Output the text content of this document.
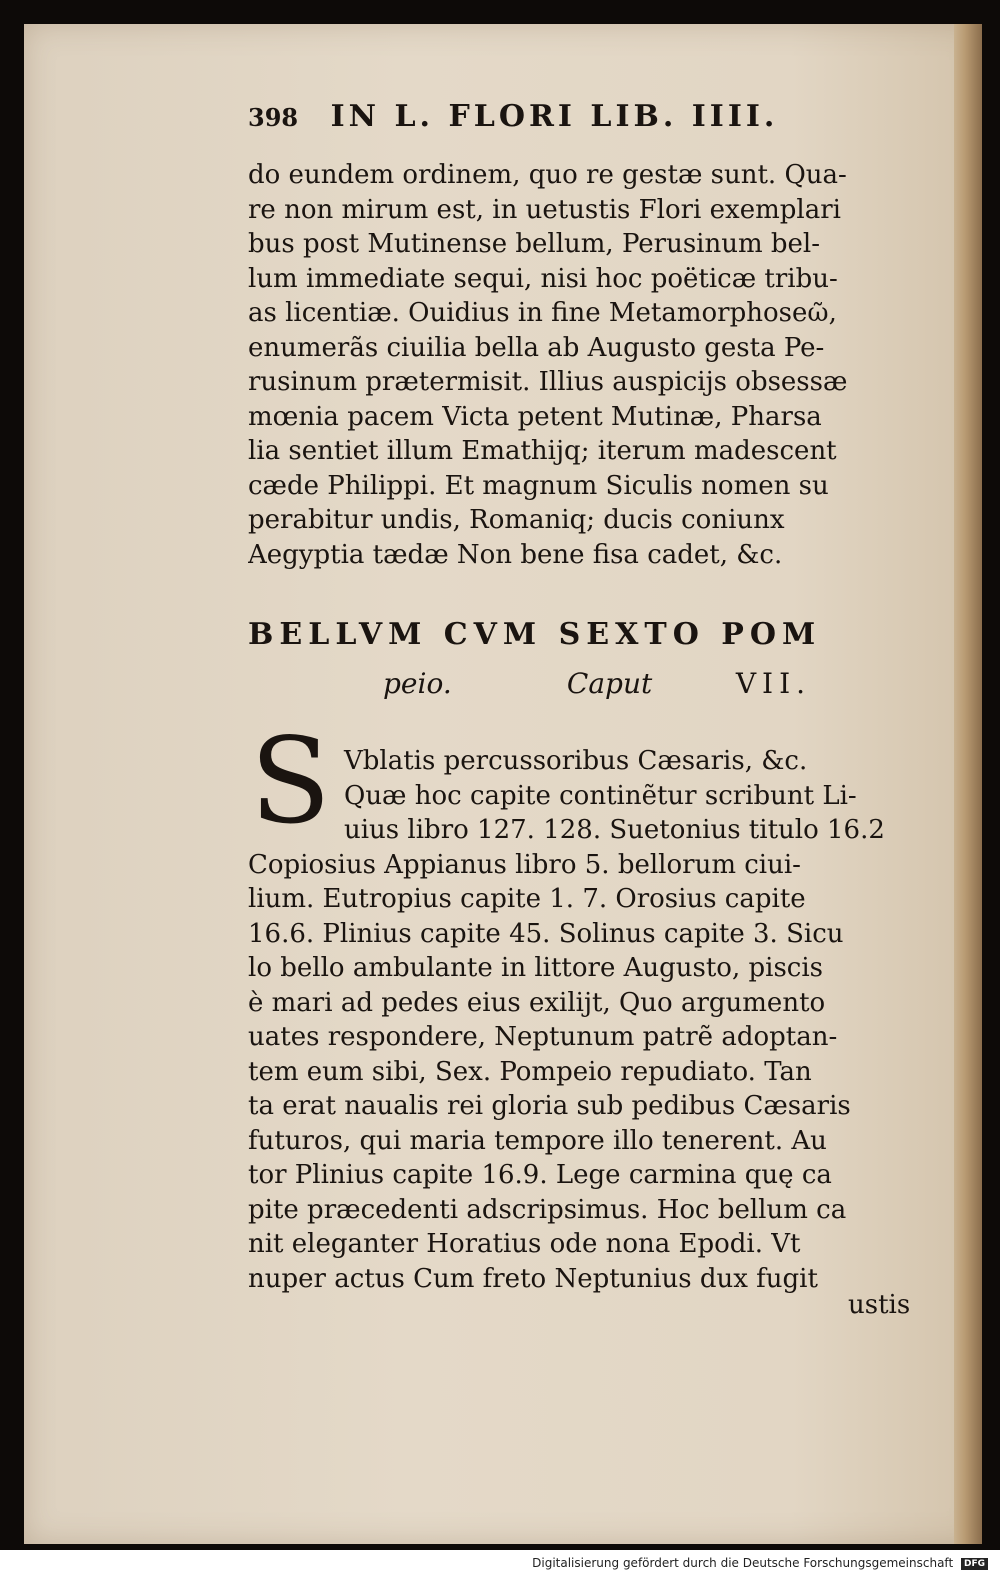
398 IN L. FLORI LIB. IIII.
do eundem ordinem, quo re gestæ sunt. Qua-
re non mirum est, in uetustis Flori exemplari
bus post Mutinense bellum, Perusinum bel-
lum immediate sequi, nisi hoc poëticæ tribu-
as licentiæ. Ouidius in fine Metamorphoseῶ,
enumerãs ciuilia bella ab Augusto gesta Pe-
rusinum prætermisit. Illius auspicijs obsessæ
mœnia pacem Victa petent Mutinæ, Pharsa
lia sentiet illum Emathijq; iterum madescent
cæde Philippi. Et magnum Siculis nomen su
perabitur undis, Romaniq; ducis coniunx
Aegyptia tædæ Non bene fisa cadet, &c.
BELLVM CVM SEXTO POM
peio.	Caput	VII.
S Vblatis percussoribus Cæsaris, &c.
Quæ hoc capite continẽtur scribunt Li-
uius libro 127. 128. Suetonius titulo 16.2
Copiosius Appianus libro 5. bellorum ciui-
lium. Eutropius capite 1. 7. Orosius capite
16.6. Plinius capite 45. Solinus capite 3. Sicu
lo bello ambulante in littore Augusto, piscis
è mari ad pedes eius exilijt, Quo argumento
uates respondere, Neptunum patrẽ adoptan-
tem eum sibi, Sex. Pompeio repudiato. Tan
ta erat naualis rei gloria sub pedibus Cæsaris
futuros, qui maria tempore illo tenerent. Au
tor Plinius capite 16.9. Lege carmina quę ca
pite præcedenti adscripsimus. Hoc bellum ca
nit eleganter Horatius ode nona Epodi. Vt
nuper actus Cum freto Neptunius dux fugit
ustis
Digitalisierung gefördert durch die Deutsche Forschungsgemeinschaft DFG
